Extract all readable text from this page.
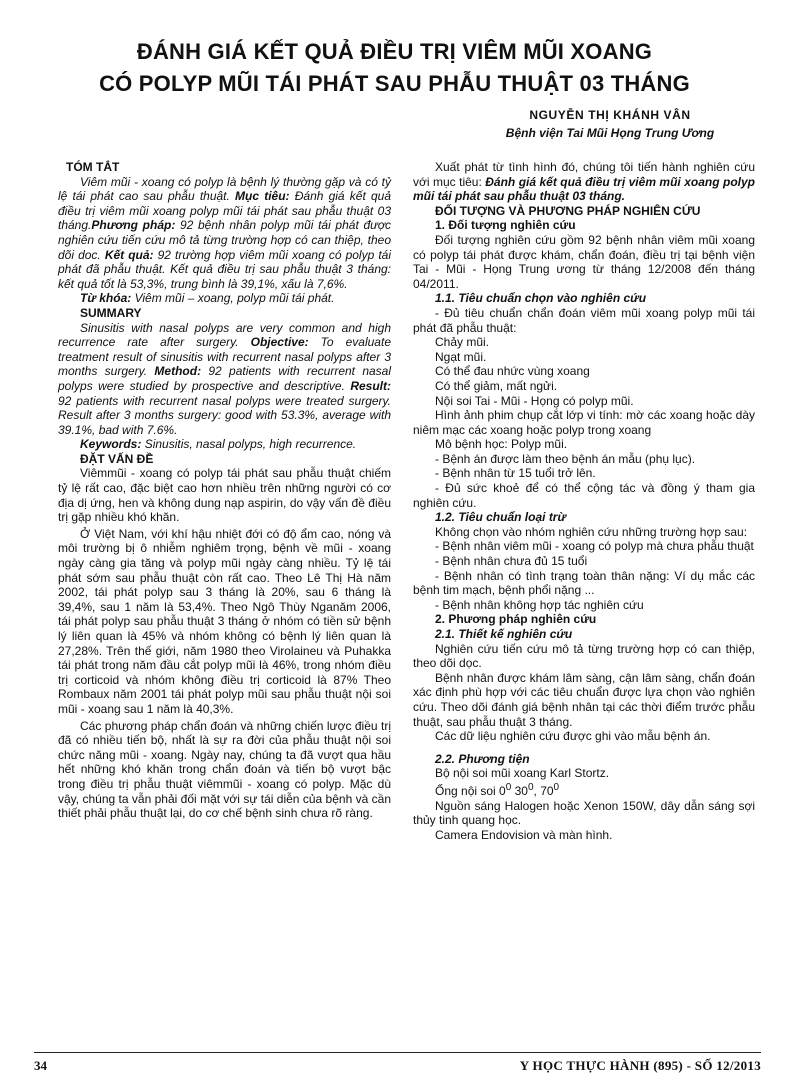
ĐÁNH GIÁ KẾT QUẢ ĐIỀU TRỊ VIÊM MŨI XOANG
CÓ POLYP MŨI TÁI PHÁT SAU PHẪU THUẬT 03 THÁNG
NGUYỄN THỊ KHÁNH VÂN
Bệnh viện Tai Mũi Họng Trung Ương

TÓM TẮT

Viêm mũi - xoang có polyp là bệnh lý thường gặp và có tỷ lệ tái phát cao sau phẫu thuật. Mục tiêu: Đánh giá kết quả điều trị viêm mũi xoang polyp mũi tái phát sau phẫu thuật 03 tháng.Phương pháp: 92 bệnh nhân polyp mũi tái phát được nghiên cứu tiến cứu mô tả từng trường hợp có can thiệp, theo dõi doc. Kết quả: 92 trường hợp viêm mũi xoang có polyp tái phát đã phẫu thuật. Kết quả điều trị sau phẫu thuật 3 tháng: kết quả tốt là 53,3%, trung bình là 39,1%, xấu là 7,6%.

Từ khóa: Viêm mũi – xoang, polyp mũi tái phát.

SUMMARY

Sinusitis with nasal polyps are very common and high recurrence rate after surgery. Objective: To evaluate treatment result of sinusitis with recurrent nasal polyps after 3 months surgery. Method: 92 patients with recurrent nasal polyps were studied by prospective and descriptive. Result: 92 patients with recurrent nasal polyps were treated surgery. Result after 3 months surgery: good with 53.3%, average with 39.1%, bad with 7.6%.

Keywords: Sinusitis, nasal polyps, high recurrence.

ĐẶT VẤN ĐỀ

Viêmmũi - xoang có polyp tái phát sau phẫu thuật chiếm tỷ lệ rất cao, đặc biệt cao hơn nhiều trên những người có cơ địa dị ứng, hen và không dung nạp aspirin, do vậy vấn đề điều trị gặp nhiều khó khăn.

Ở Việt Nam, với khí hậu nhiệt đới có độ ẩm cao, nóng và môi trường bị ô nhiễm nghiêm trọng, bệnh về mũi - xoang ngày càng gia tăng và polyp mũi ngày càng nhiều. Tỷ lệ tái phát sớm sau phẫu thuật còn rất cao. Theo Lê Thị Hà năm 2002, tái phát polyp sau 3 tháng là 20%, sau 6 tháng là 39,4%, sau 1 năm là 53,4%. Theo Ngô Thùy Nganăm 2006, tái phát polyp sau phẫu thuật 3 tháng ở nhóm có tiền sử bệnh lý liên quan là 45% và nhóm không có bệnh lý liên quan là 27,28%. Trên thế giới, năm 1980 theo Virolaineu và Puhakka tái phát trong năm đầu cắt polyp mũi là 46%, trong nhóm điều trị corticoid và nhóm không điều trị corticoid là 87% Theo Rombaux năm 2001 tái phát polyp mũi sau phẫu thuật nội soi mũi - xoang sau 1 năm là 40,3%.

Các phương pháp chẩn đoán và những chiến lược điều trị đã có nhiều tiến bộ, nhất là sự ra đời của phẫu thuật nội soi chức năng mũi - xoang. Ngày nay, chúng ta đã vượt qua hầu hết những khó khăn trong chẩn đoán và tiến bộ vượt bậc trong điều trị phẫu thuật viêmmũi - xoang có polyp. Mặc dù vậy, chúng ta vẫn phải đối mặt với sự tái diễn của bệnh và cần thiết phải phẫu thuật lại, do cơ chế bệnh sinh chưa rõ ràng.

Xuất phát từ tình hình đó, chúng tôi tiến hành nghiên cứu với mục tiêu: Đánh giá kết quả điều trị viêm mũi xoang polyp mũi tái phát sau phẫu thuật 03 tháng.

ĐỐI TƯỢNG VÀ PHƯƠNG PHÁP NGHIÊN CỨU

1. Đối tượng nghiên cứu

Đối tượng nghiên cứu gồm 92 bệnh nhân viêm mũi xoang có polyp tái phát được khám, chẩn đoán, điều trị tại bệnh viện Tai - Mũi - Họng Trung ương từ tháng 12/2008 đến tháng 04/2011.

1.1. Tiêu chuẩn chọn vào nghiên cứu

- Đủ tiêu chuẩn chẩn đoán viêm mũi xoang polyp mũi tái phát đã phẫu thuật:

Chảy mũi.

Ngạt mũi.

Có thể đau nhức vùng xoang

Có thể giảm, mất ngửi.

Nội soi Tai - Mũi - Họng có polyp mũi.

Hình ảnh phim chụp cắt lớp vi tính: mờ các xoang hoặc dày niêm mạc các xoang hoặc polyp trong xoang

Mô bệnh học: Polyp mũi.

- Bệnh án được làm theo bệnh án mẫu (phụ lục).

- Bệnh nhân từ 15 tuổi trở lên.

- Đủ sức khoẻ để có thể cộng tác và đồng ý tham gia nghiên cứu.

1.2. Tiêu chuẩn loại trừ

Không chọn vào nhóm nghiên cứu những trường hợp sau:

- Bệnh nhân viêm mũi - xoang có polyp mà chưa phẫu thuật

- Bệnh nhân chưa đủ 15 tuổi

- Bệnh nhân có tình trạng toàn thân nặng: Ví dụ mắc các bệnh tim mạch, bệnh phổi nặng ...

- Bệnh nhân không hợp tác nghiên cứu

2. Phương pháp nghiên cứu

2.1. Thiết kế nghiên cứu

Nghiên cứu tiến cứu mô tả từng trường hợp có can thiệp, theo dõi dọc.

Bệnh nhân được khám lâm sàng, cận lâm sàng, chẩn đoán xác định phù hợp với các tiêu chuẩn được lựa chọn vào nghiên cứu. Theo dõi đánh giá bệnh nhân tại các thời điểm trước phẫu thuật, sau phẫu thuật 3 tháng.

Các dữ liệu nghiên cứu được ghi vào mẫu bệnh án.

2.2. Phương tiện

Bộ nội soi mũi xoang Karl Stortz.

Ống nội soi $0^0$ $30^0$, $70^0$

Nguồn sáng Halogen hoặc Xenon 150W, dây dẫn sáng sợi thủy tinh quang học.

Camera Endovision và màn hình.

34	Y HỌC THỰC HÀNH (895) - SỐ 12/2013
